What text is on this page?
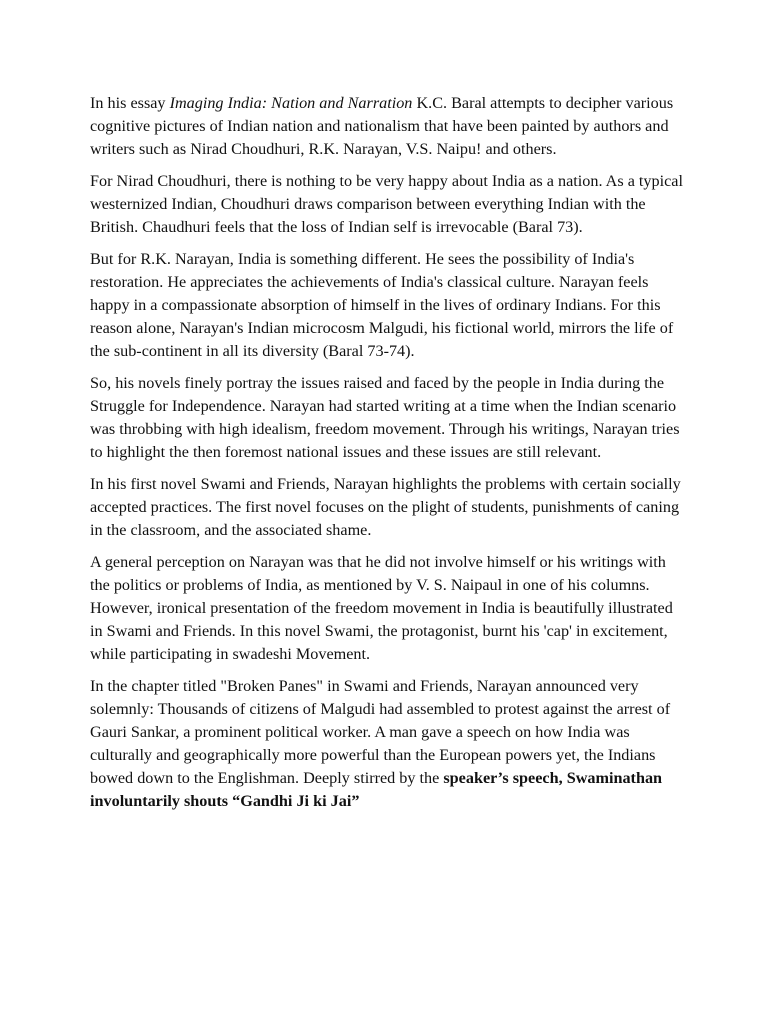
In his essay Imaging India: Nation and Narration K.C. Baral attempts to decipher various cognitive pictures of Indian nation and nationalism that have been painted by authors and writers such as Nirad Choudhuri, R.K. Narayan, V.S. Naipu! and others.

For Nirad Choudhuri, there is nothing to be very happy about India as a nation. As a typical westernized Indian, Choudhuri draws comparison between everything Indian with the British. Chaudhuri feels that the loss of Indian self is irrevocable (Baral 73).

But for R.K. Narayan, India is something different. He sees the possibility of India's restoration. He appreciates the achievements of India's classical culture. Narayan feels happy in a compassionate absorption of himself in the lives of ordinary Indians. For this reason alone, Narayan's Indian microcosm Malgudi, his fictional world, mirrors the life of the sub-continent in all its diversity (Baral 73-74).

So, his novels finely portray the issues raised and faced by the people in India during the Struggle for Independence. Narayan had started writing at a time when the Indian scenario was throbbing with high idealism, freedom movement. Through his writings, Narayan tries to highlight the then foremost national issues and these issues are still relevant.

In his first novel Swami and Friends, Narayan highlights the problems with certain socially accepted practices. The first novel focuses on the plight of students, punishments of caning in the classroom, and the associated shame.

A general perception on Narayan was that he did not involve himself or his writings with the politics or problems of India, as mentioned by V. S. Naipaul in one of his columns. However, ironical presentation of the freedom movement in India is beautifully illustrated in Swami and Friends. In this novel Swami, the protagonist, burnt his 'cap' in excitement, while participating in swadeshi Movement.

In the chapter titled "Broken Panes" in Swami and Friends, Narayan announced very solemnly: Thousands of citizens of Malgudi had assembled to protest against the arrest of Gauri Sankar, a prominent political worker. A man gave a speech on how India was culturally and geographically more powerful than the European powers yet, the Indians bowed down to the Englishman. Deeply stirred by the speaker’s speech, Swaminathan involuntarily shouts “Gandhi Ji ki Jai”
